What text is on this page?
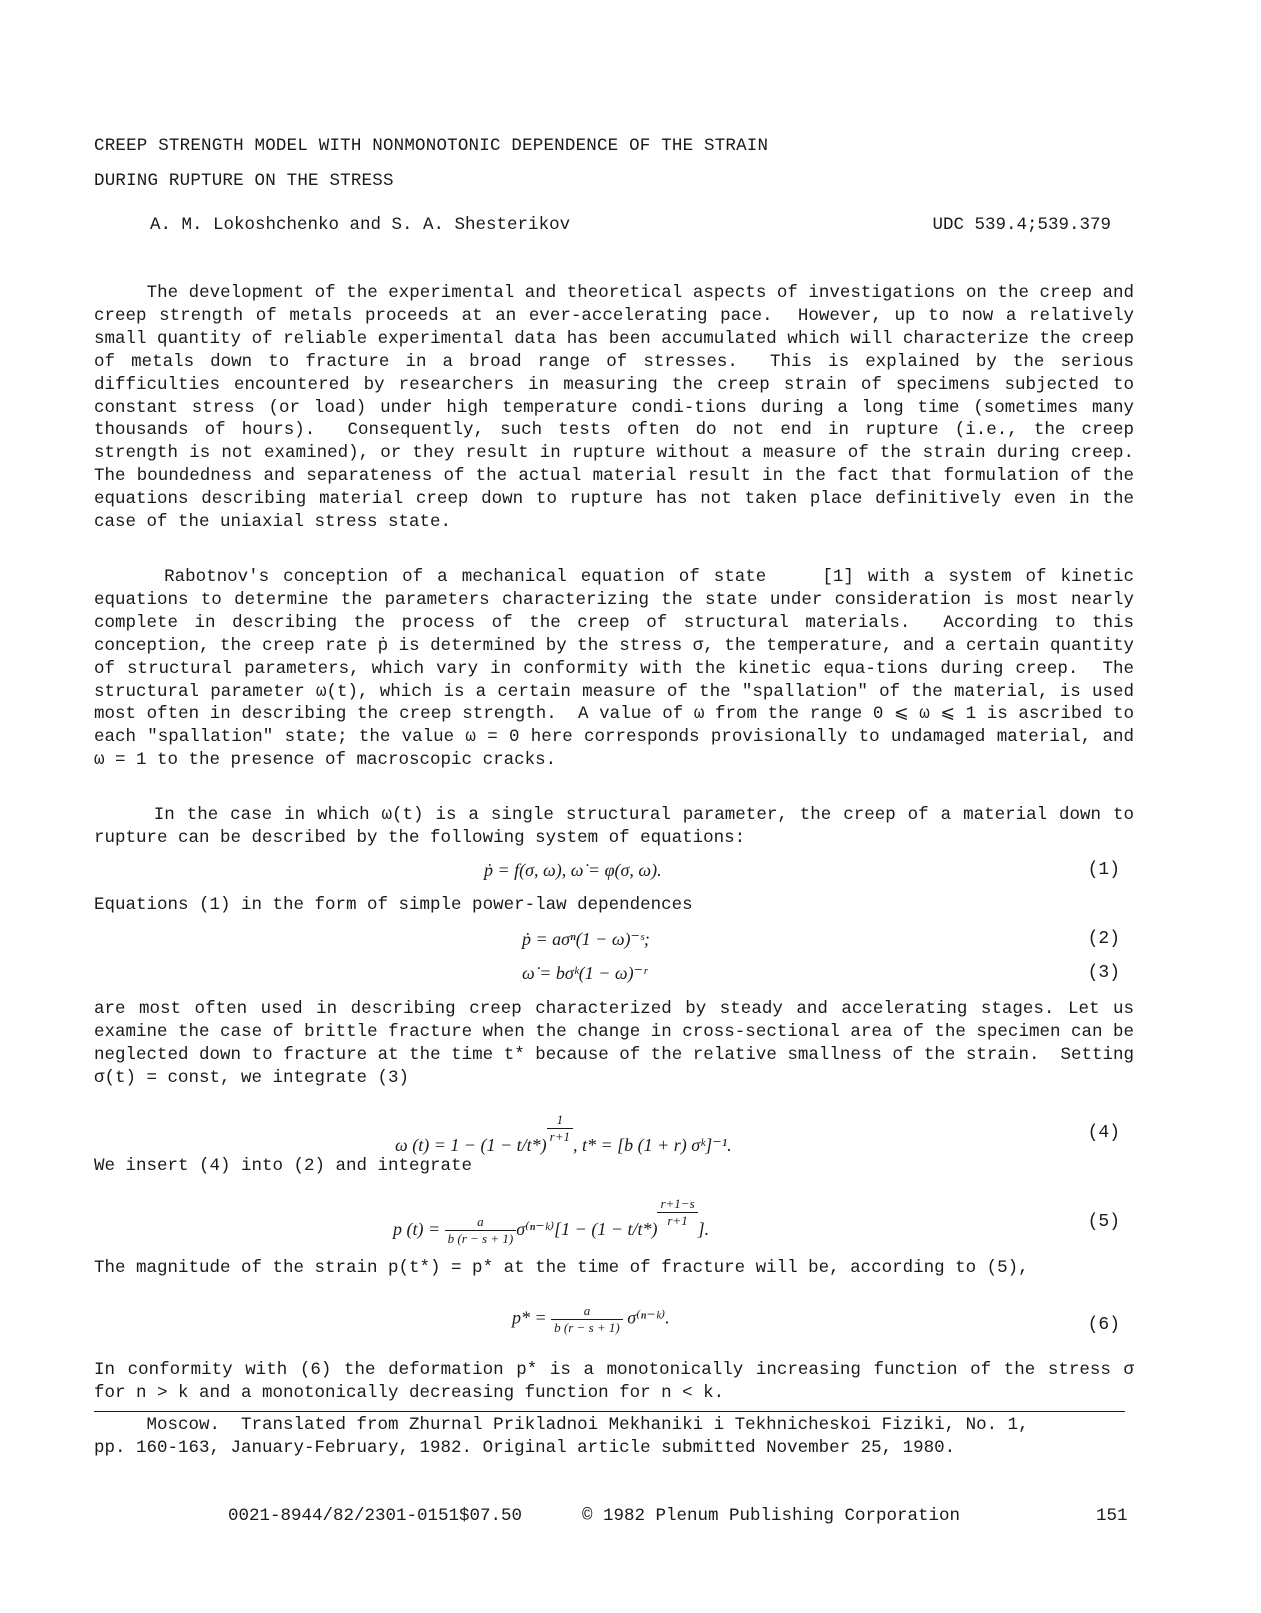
CREEP STRENGTH MODEL WITH NONMONOTONIC DEPENDENCE OF THE STRAIN
DURING RUPTURE ON THE STRESS
A. M. Lokoshchenko and S. A. Shesterikov	UDC 539.4;539.379
The development of the experimental and theoretical aspects of investigations on the creep and creep strength of metals proceeds at an ever-accelerating pace.  However, up to now a relatively small quantity of reliable experimental data has been accumulated which will characterize the creep of metals down to fracture in a broad range of stresses.  This is explained by the serious difficulties encountered by researchers in measuring the creep strain of specimens subjected to constant stress (or load) under high temperature condi-tions during a long time (sometimes many thousands of hours).  Consequently, such tests often do not end in rupture (i.e., the creep strength is not examined), or they result in rupture without a measure of the strain during creep.  The boundedness and separateness of the actual material result in the fact that formulation of the equations describing material creep down to rupture has not taken place definitively even in the case of the uniaxial stress state.
Rabotnov's conception of a mechanical equation of state    [1] with a system of kinetic equations to determine the parameters characterizing the state under consideration is most nearly complete in describing the process of the creep of structural materials.  According to this conception, the creep rate ṗ is determined by the stress σ, the temperature, and a certain quantity of structural parameters, which vary in conformity with the kinetic equa-tions during creep.  The structural parameter ω(t), which is a certain measure of the "spallation" of the material, is used most often in describing the creep strength.  A value of ω from the range 0 ⩽ ω ⩽ 1 is ascribed to each "spallation" state; the value ω = 0 here corresponds provisionally to undamaged material, and ω = 1 to the presence of macroscopic cracks.
In the case in which ω(t) is a single structural parameter, the creep of a material down to rupture can be described by the following system of equations:
ṗ = f(σ, ω), ω̇ = φ(σ, ω).	(1)
Equations (1) in the form of simple power-law dependences
ṗ = aσⁿ(1 − ω)⁻ˢ;	(2)
ω̇ = bσᵏ(1 − ω)⁻ʳ	(3)
are most often used in describing creep characterized by steady and accelerating stages. Let us examine the case of brittle fracture when the change in cross-sectional area of the specimen can be neglected down to fracture at the time t* because of the relative smallness of the strain.  Setting σ(t) = const, we integrate (3)
ω $(t) = 1 - (1 - t/t*) \frac{1}{r+1}$ , t* = [b (1 + r) σᵏ]⁻¹.
(4)
We insert (4) into (2) and integrate
p $(t) = \frac{a}{b (r - s + 1)}$ σ⁽ⁿ⁻ᵏ⁾[1 − $(1 - t/t*) \frac{r+1-s}{r+1}$ ].	(5)
The magnitude of the strain p(t*) = p* at the time of fracture will be, according to (5),
$p* = \frac{a}{b (r - s + 1)}$ σ⁽ⁿ⁻ᵏ⁾.	(6)
In conformity with (6) the deformation p* is a monotonically increasing function of the stress σ for n > k and a monotonically decreasing function for n < k.
Moscow.  Translated from Zhurnal Prikladnoi Mekhaniki i Tekhnicheskoi Fiziki, No. 1,
pp. 160-163, January-February, 1982. Original article submitted November 25, 1980.
0021-8944/82/2301-0151$07.50	© 1982 Plenum Publishing Corporation	151
